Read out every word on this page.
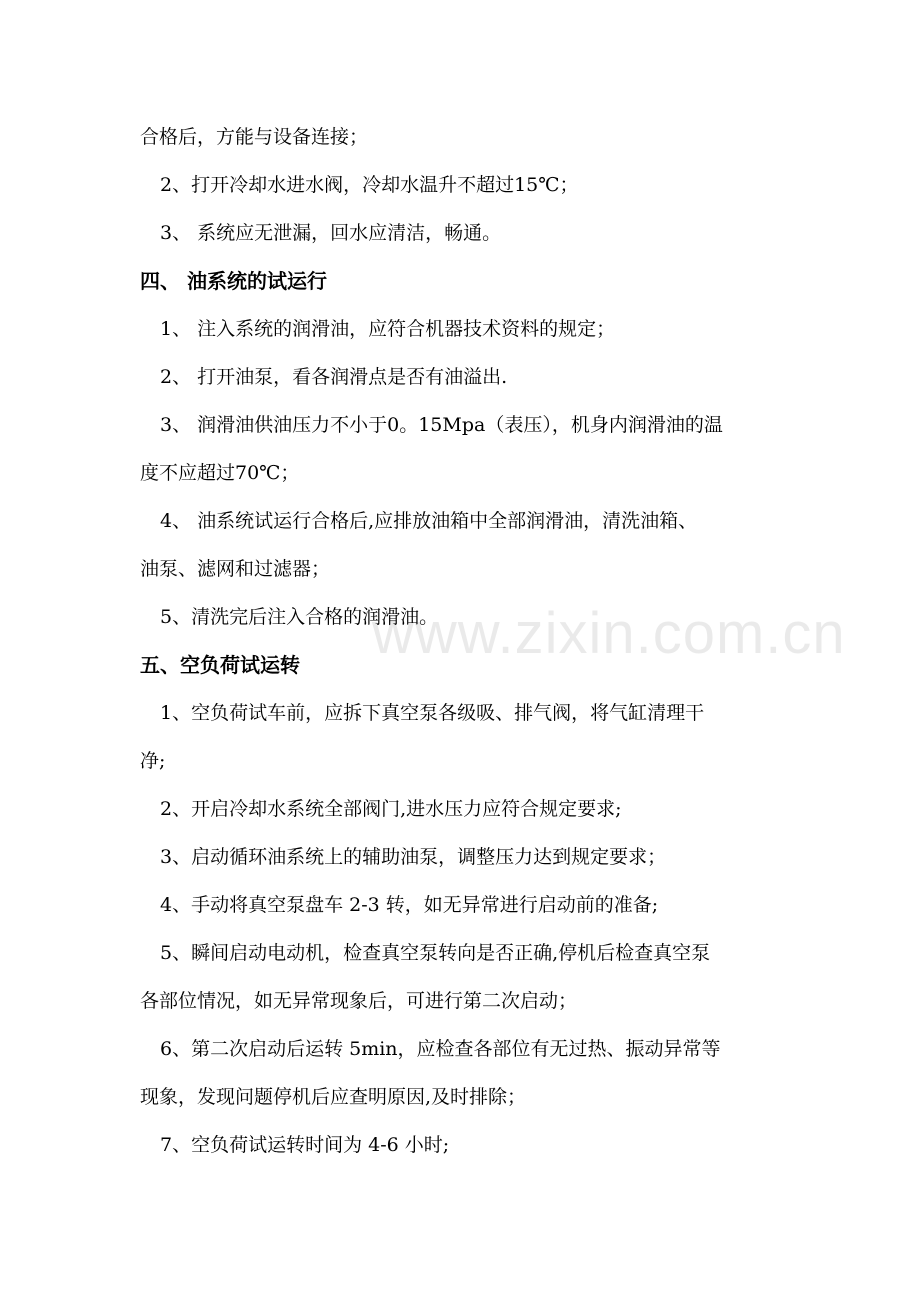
合格后，方能与设备连接；
2、打开冷却水进水阀，冷却水温升不超过15℃；
3、 系统应无泄漏，回水应清洁，畅通。
四、 油系统的试运行
1、 注入系统的润滑油，应符合机器技术资料的规定；
2、 打开油泵，看各润滑点是否有油溢出.
3、 润滑油供油压力不小于0。15Mpa（表压），机身内润滑油的温
度不应超过70℃；
4、 油系统试运行合格后,应排放油箱中全部润滑油，清洗油箱、
油泵、滤网和过滤器；
5、清洗完后注入合格的润滑油。
五、空负荷试运转
1、空负荷试车前，应拆下真空泵各级吸、排气阀，将气缸清理干
净;
2、开启冷却水系统全部阀门,进水压力应符合规定要求;
3、启动循环油系统上的辅助油泵，调整压力达到规定要求；
4、手动将真空泵盘车 2-3 转，如无异常进行启动前的准备;
5、瞬间启动电动机，检查真空泵转向是否正确,停机后检查真空泵
各部位情况，如无异常现象后，可进行第二次启动；
6、第二次启动后运转 5min，应检查各部位有无过热、振动异常等
现象，发现问题停机后应查明原因,及时排除；
7、空负荷试运转时间为 4-6 小时;
www.zixin.com.cn
